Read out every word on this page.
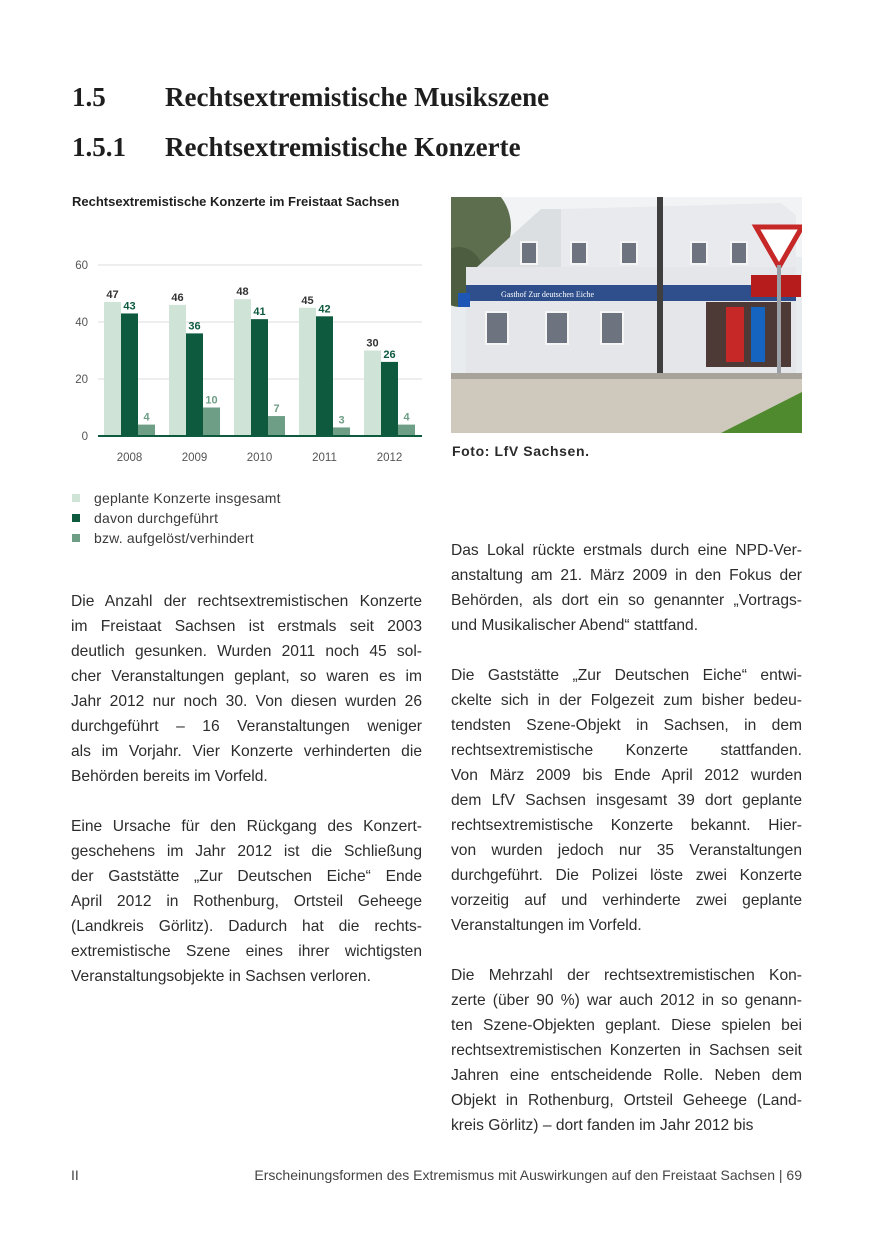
1.5 Rechtsextremistische Musikszene
1.5.1 Rechtsextremistische Konzerte
Rechtsextremistische Konzerte im Freistaat Sachsen
0
20
40
60
47
43
4
2008
46
36
10
2009
48
41
7
2010
45
42
3
2011
30
26
4
2012
geplante Konzerte insgesamt
davon durchgeführt
bzw. aufgelöst/verhindert
Gasthof Zur deutschen Eiche
Foto: LfV Sachsen.

Die Anzahl der rechtsextremistischen Konzerte
im Freistaat Sachsen ist erstmals seit 2003
deutlich gesunken. Wurden 2011 noch 45 sol-
cher Veranstaltungen geplant, so waren es im
Jahr 2012 nur noch 30. Von diesen wurden 26
durchgeführt – 16 Veranstaltungen weniger
als im Vorjahr. Vier Konzerte verhinderten die
Behörden bereits im Vorfeld.

Eine Ursache für den Rückgang des Konzert-
geschehens im Jahr 2012 ist die Schließung
der Gaststätte „Zur Deutschen Eiche“ Ende
April 2012 in Rothenburg, Ortsteil Geheege
(Landkreis Görlitz). Dadurch hat die rechts-
extremistische Szene eines ihrer wichtigsten
Veranstaltungsobjekte in Sachsen verloren.

Das Lokal rückte erstmals durch eine NPD-Ver-
anstaltung am 21. März 2009 in den Fokus der
Behörden, als dort ein so genannter „Vortrags-
und Musikalischer Abend“ stattfand.

Die Gaststätte „Zur Deutschen Eiche“ entwi-
ckelte sich in der Folgezeit zum bisher bedeu-
tendsten Szene-Objekt in Sachsen, in dem
rechtsextremistische Konzerte stattfanden.
Von März 2009 bis Ende April 2012 wurden
dem LfV Sachsen insgesamt 39 dort geplante
rechtsextremistische Konzerte bekannt. Hier-
von wurden jedoch nur 35 Veranstaltungen
durchgeführt. Die Polizei löste zwei Konzerte
vorzeitig auf und verhinderte zwei geplante
Veranstaltungen im Vorfeld.

Die Mehrzahl der rechtsextremistischen Kon-
zerte (über 90 %) war auch 2012 in so genann-
ten Szene-Objekten geplant. Diese spielen bei
rechtsextremistischen Konzerten in Sachsen seit
Jahren eine entscheidende Rolle. Neben dem
Objekt in Rothenburg, Ortsteil Geheege (Land-
kreis Görlitz) – dort fanden im Jahr 2012 bis

II	Erscheinungsformen des Extremismus mit Auswirkungen auf den Freistaat Sachsen | 69
